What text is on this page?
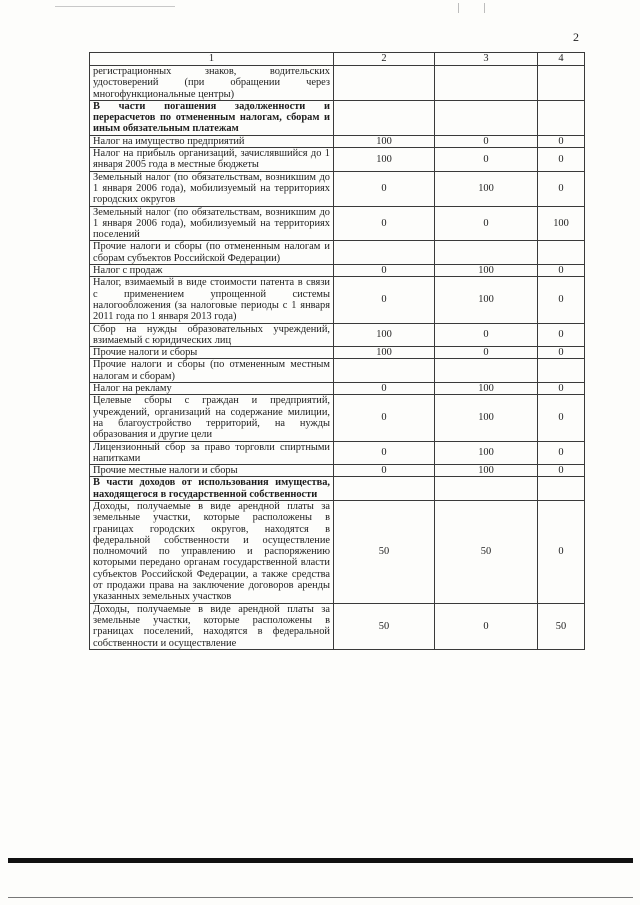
2
1	2	3	4
регистрационных знаков, водительских удостоверений (при обращении через многофункциональные центры)			
В части погашения задолженности и перерасчетов по отмененным налогам, сборам и иным обязательным платежам			
Налог на имущество предприятий	100	0	0
Налог на прибыль организаций, зачислявшийся до 1 января 2005 года в местные бюджеты	100	0	0
Земельный налог (по обязательствам, возникшим до 1 января 2006 года), мобилизуемый на территориях городских округов	0	100	0
Земельный налог (по обязательствам, возникшим до 1 января 2006 года), мобилизуемый на территориях поселений	0	0	100
Прочие налоги и сборы (по отмененным налогам и сборам субъектов Российской Федерации)			
Налог с продаж	0	100	0
Налог, взимаемый в виде стоимости патента в связи с применением упрощенной системы налогообложения (за налоговые периоды с 1 января 2011 года по 1 января 2013 года)	0	100	0
Сбор на нужды образовательных учреждений, взимаемый с юридических лиц	100	0	0
Прочие налоги и сборы	100	0	0
Прочие налоги и сборы (по отмененным местным налогам и сборам)			
Налог на рекламу	0	100	0
Целевые сборы с граждан и предприятий, учреждений, организаций на содержание милиции, на благоустройство территорий, на нужды образования и другие цели	0	100	0
Лицензионный сбор за право торговли спиртными напитками	0	100	0
Прочие местные налоги и сборы	0	100	0
В части доходов от использования имущества, находящегося в государственной собственности			
Доходы, получаемые в виде арендной платы за земельные участки, которые расположены в границах городских округов, находятся в федеральной собственности и осуществление полномочий по управлению и распоряжению которыми передано органам государственной власти субъектов Российской Федерации, а также средства от продажи права на заключение договоров аренды указанных земельных участков	50	50	0
Доходы, получаемые в виде арендной платы за земельные участки, которые расположены в границах поселений, находятся в федеральной собственности и осуществление	50	0	50
